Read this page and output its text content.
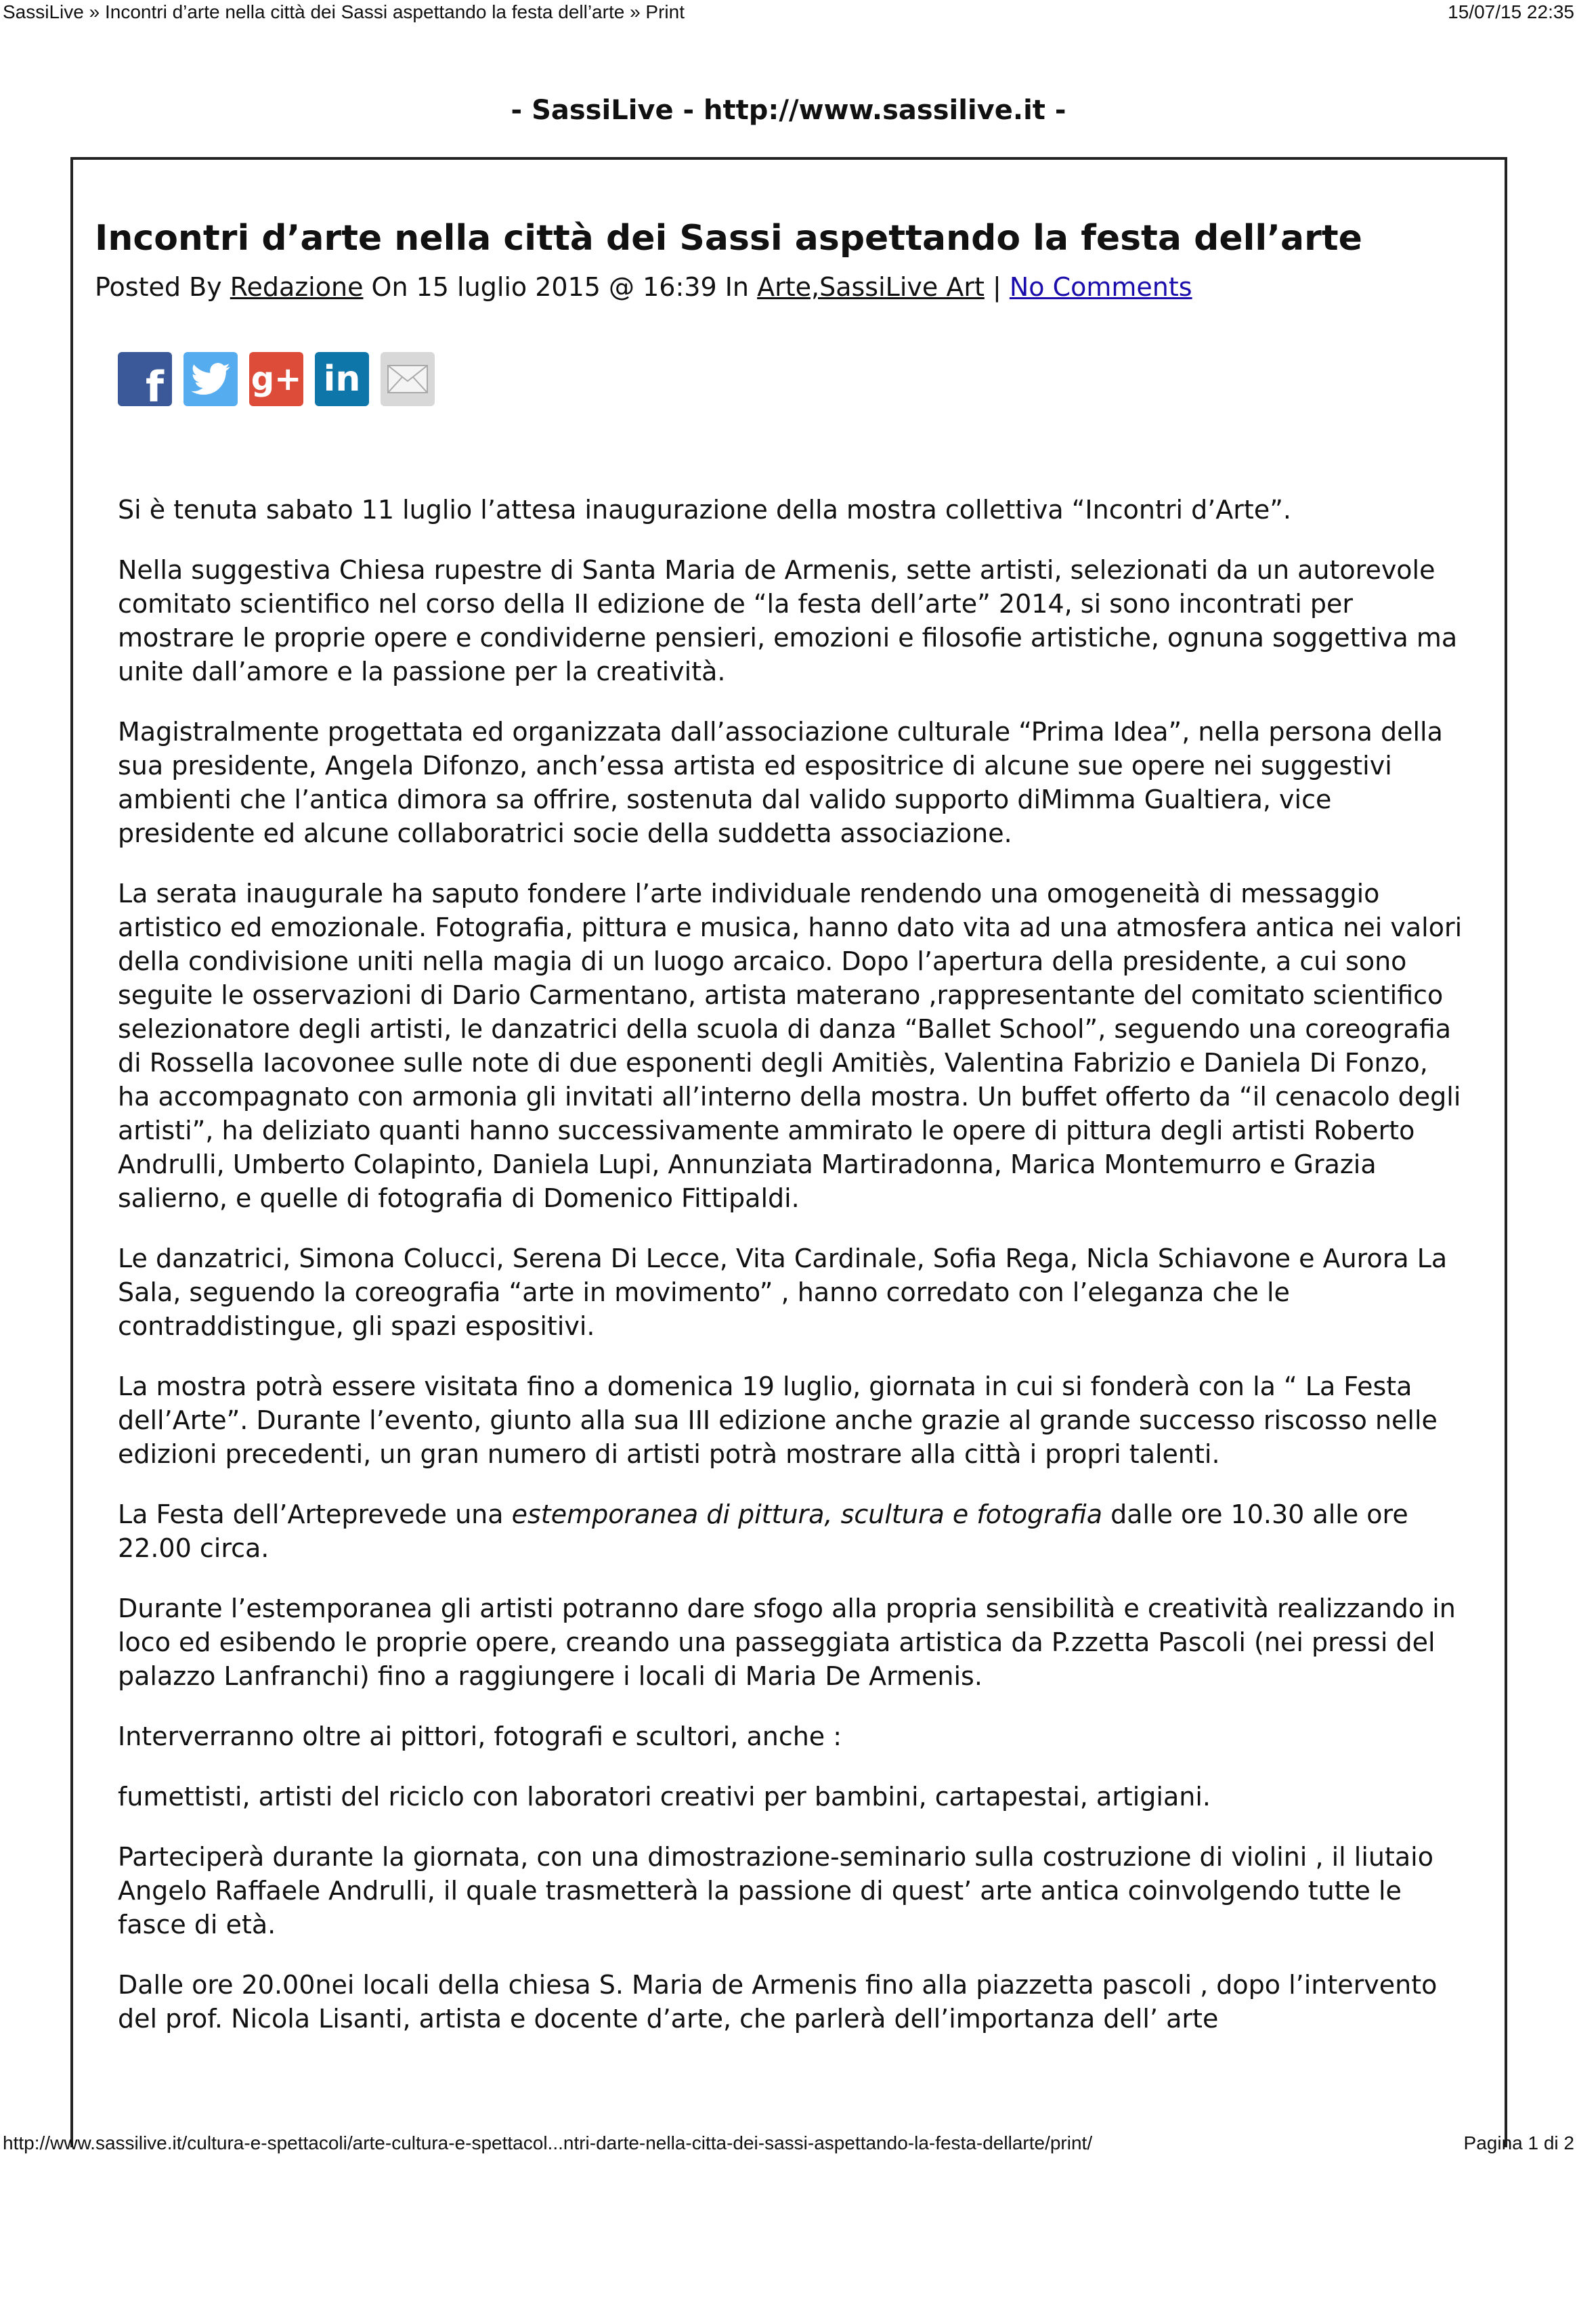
SassiLive » Incontri d’arte nella città dei Sassi aspettando la festa dell’arte » Print	15/07/15 22:35
- SassiLive - http://www.sassilive.it -
Incontri d’arte nella città dei Sassi aspettando la festa dell’arte
Posted By Redazione On 15 luglio 2015 @ 16:39 In Arte,SassiLive Art | No Comments
f	g+ in

Si è tenuta sabato 11 luglio l’attesa inaugurazione della mostra collettiva “Incontri d’Arte”.

Nella suggestiva Chiesa rupestre di Santa Maria de Armenis, sette artisti, selezionati da un autorevole comitato scientifico nel corso della II edizione de “la festa dell’arte” 2014, si sono incontrati per mostrare le proprie opere e condividerne pensieri, emozioni e filosofie artistiche, ognuna soggettiva ma unite dall’amore e la passione per la creatività.

Magistralmente progettata ed organizzata dall’associazione culturale “Prima Idea”, nella persona della sua presidente, Angela Difonzo, anch’essa artista ed espositrice di alcune sue opere nei suggestivi ambienti che l’antica dimora sa offrire, sostenuta dal valido supporto diMimma Gualtiera, vice presidente ed alcune collaboratrici socie della suddetta associazione.

La serata inaugurale ha saputo fondere l’arte individuale rendendo una omogeneità di messaggio artistico ed emozionale. Fotografia, pittura e musica, hanno dato vita ad una atmosfera antica nei valori della condivisione uniti nella magia di un luogo arcaico. Dopo l’apertura della presidente, a cui sono seguite le osservazioni di Dario Carmentano, artista materano ,rappresentante del comitato scientifico selezionatore degli artisti, le danzatrici della scuola di danza “Ballet School”, seguendo una coreografia di Rossella Iacovonee sulle note di due esponenti degli Amitiès, Valentina Fabrizio e Daniela Di Fonzo, ha accompagnato con armonia gli invitati all’interno della mostra. Un buffet offerto da “il cenacolo degli artisti”, ha deliziato quanti hanno successivamente ammirato le opere di pittura degli artisti Roberto Andrulli, Umberto Colapinto, Daniela Lupi, Annunziata Martiradonna, Marica Montemurro e Grazia salierno, e quelle di fotografia di Domenico Fittipaldi.

Le danzatrici, Simona Colucci, Serena Di Lecce, Vita Cardinale, Sofia Rega, Nicla Schiavone e Aurora La Sala, seguendo la coreografia “arte in movimento” , hanno corredato con l’eleganza che le contraddistingue, gli spazi espositivi.

La mostra potrà essere visitata fino a domenica 19 luglio, giornata in cui si fonderà con la “ La Festa dell’Arte”. Durante l’evento, giunto alla sua III edizione anche grazie al grande successo riscosso nelle edizioni precedenti, un gran numero di artisti potrà mostrare alla città i propri talenti.

La Festa dell’Arteprevede una estemporanea di pittura, scultura e fotografia dalle ore 10.30 alle ore 22.00 circa.

Durante l’estemporanea gli artisti potranno dare sfogo alla propria sensibilità e creatività realizzando in loco ed esibendo le proprie opere, creando una passeggiata artistica da P.zzetta Pascoli (nei pressi del palazzo Lanfranchi) fino a raggiungere i locali di Maria De Armenis.

Interverranno oltre ai pittori, fotografi e scultori, anche :

fumettisti, artisti del riciclo con laboratori creativi per bambini, cartapestai, artigiani.

Parteciperà durante la giornata, con una dimostrazione-seminario sulla costruzione di violini , il liutaio Angelo Raffaele Andrulli, il quale trasmetterà la passione di quest’ arte antica coinvolgendo tutte le fasce di età.

Dalle ore 20.00nei locali della chiesa S. Maria de Armenis fino alla piazzetta pascoli , dopo l’intervento del prof. Nicola Lisanti, artista e docente d’arte, che parlerà dell’importanza dell’ arte

http://www.sassilive.it/cultura-e-spettacoli/arte-cultura-e-spettacol...ntri-darte-nella-citta-dei-sassi-aspettando-la-festa-dellarte/print/	Pagina 1 di 2
